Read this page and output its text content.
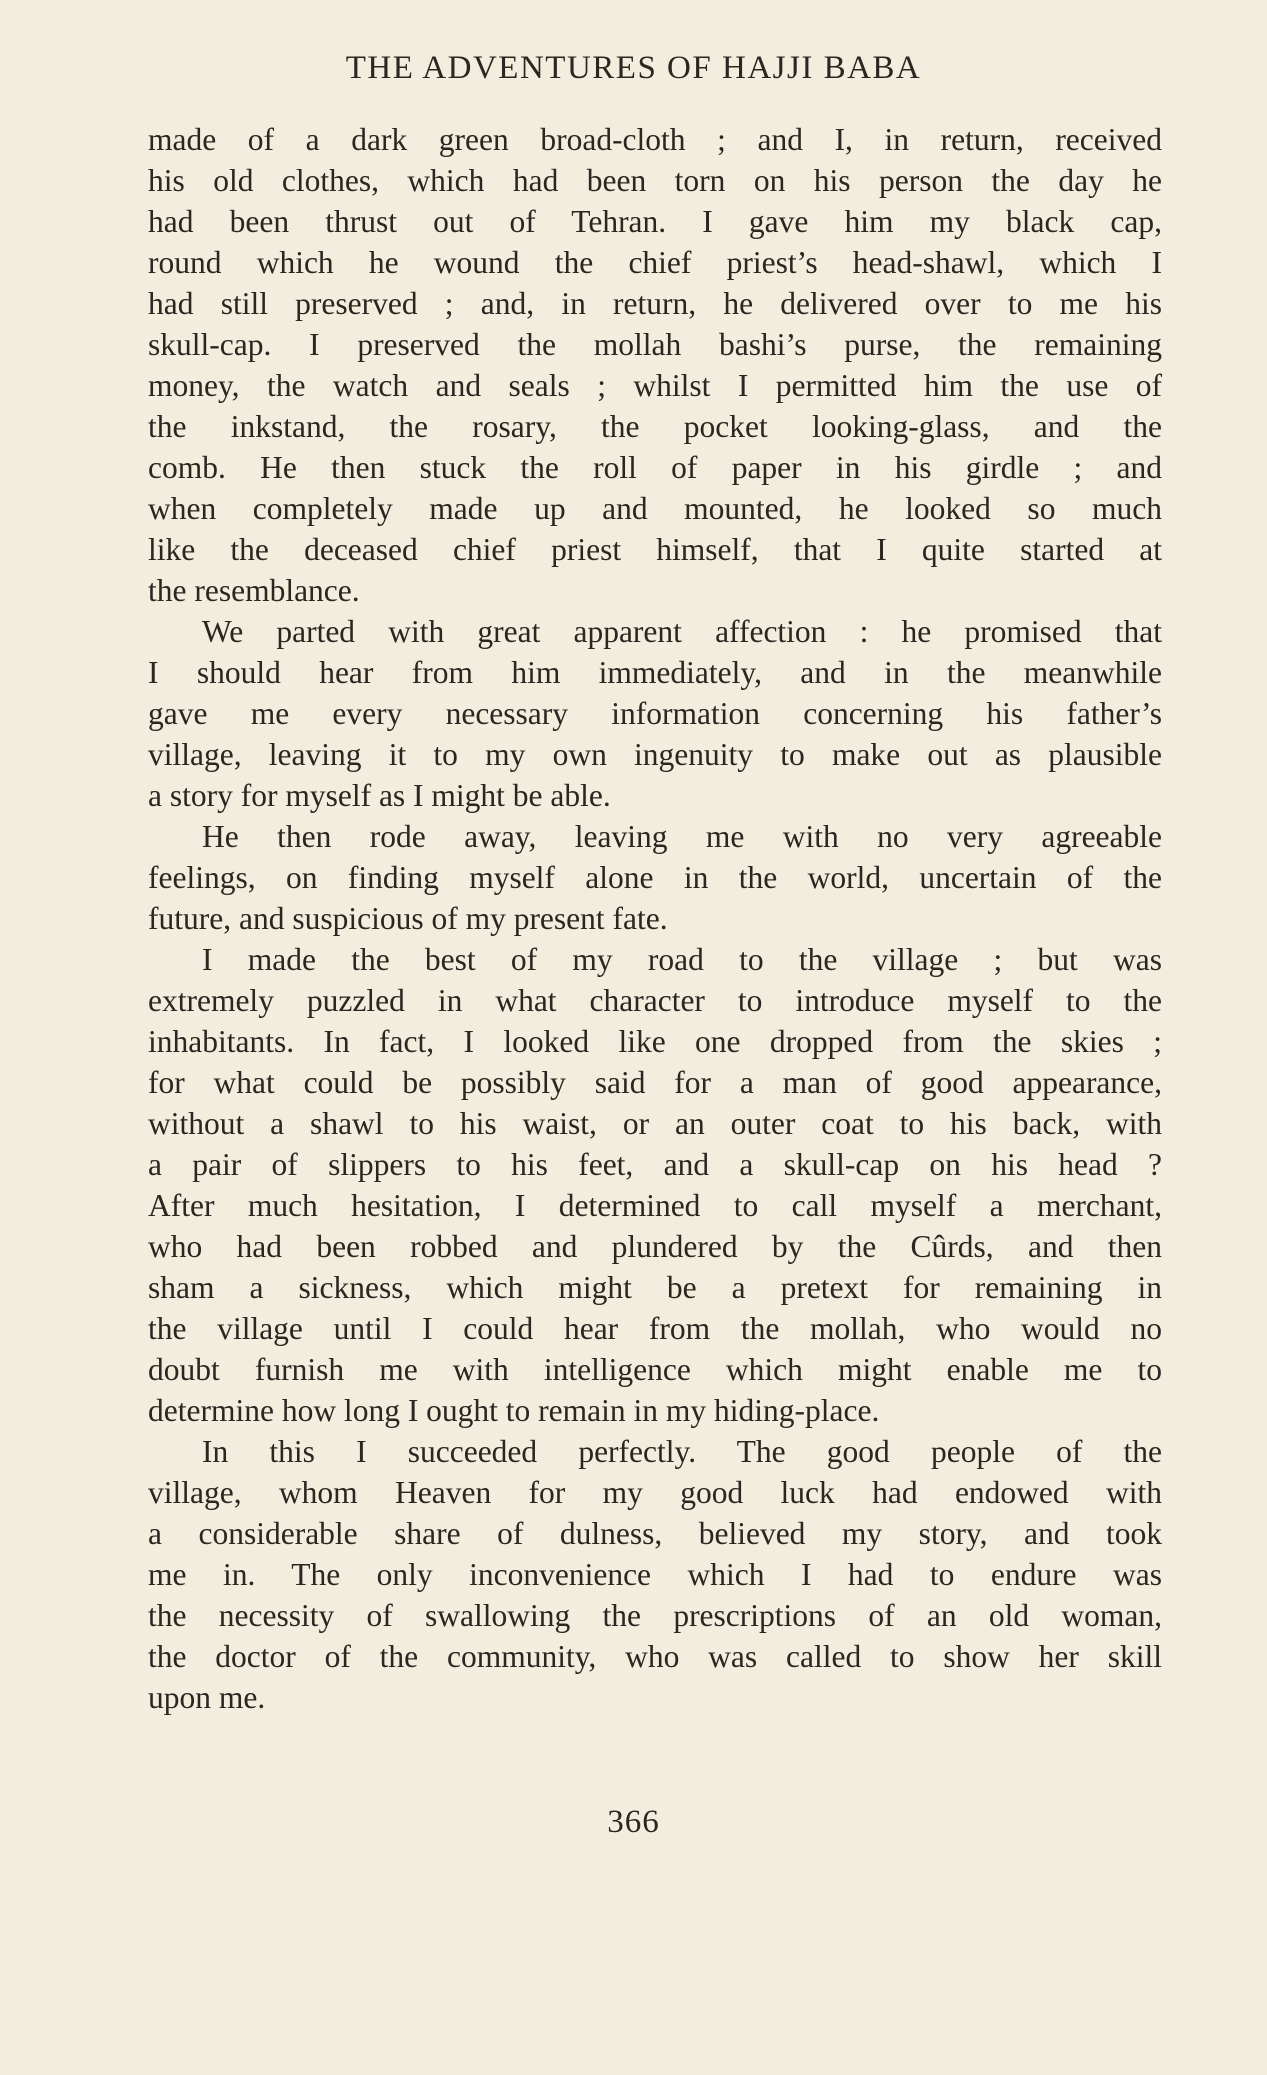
THE ADVENTURES OF HAJJI BABA

made of a dark green broad-cloth ; and I, in return, received
his old clothes, which had been torn on his person the day he
had been thrust out of Tehran. I gave him my black cap,
round which he wound the chief priest’s head-shawl, which I
had still preserved ; and, in return, he delivered over to me his
skull-cap. I preserved the mollah bashi’s purse, the remaining
money, the watch and seals ; whilst I permitted him the use of
the inkstand, the rosary, the pocket looking-glass, and the
comb. He then stuck the roll of paper in his girdle ; and
when completely made up and mounted, he looked so much
like the deceased chief priest himself, that I quite started at
the resemblance.

We parted with great apparent affection : he promised that
I should hear from him immediately, and in the meanwhile
gave me every necessary information concerning his father’s
village, leaving it to my own ingenuity to make out as plausible
a story for myself as I might be able.

He then rode away, leaving me with no very agreeable
feelings, on finding myself alone in the world, uncertain of the
future, and suspicious of my present fate.

I made the best of my road to the village ; but was
extremely puzzled in what character to introduce myself to the
inhabitants. In fact, I looked like one dropped from the skies ;
for what could be possibly said for a man of good appearance,
without a shawl to his waist, or an outer coat to his back, with
a pair of slippers to his feet, and a skull-cap on his head ?
After much hesitation, I determined to call myself a merchant,
who had been robbed and plundered by the Cûrds, and then
sham a sickness, which might be a pretext for remaining in
the village until I could hear from the mollah, who would no
doubt furnish me with intelligence which might enable me to
determine how long I ought to remain in my hiding-place.

In this I succeeded perfectly. The good people of the
village, whom Heaven for my good luck had endowed with
a considerable share of dulness, believed my story, and took
me in. The only inconvenience which I had to endure was
the necessity of swallowing the prescriptions of an old woman,
the doctor of the community, who was called to show her skill
upon me.

366
